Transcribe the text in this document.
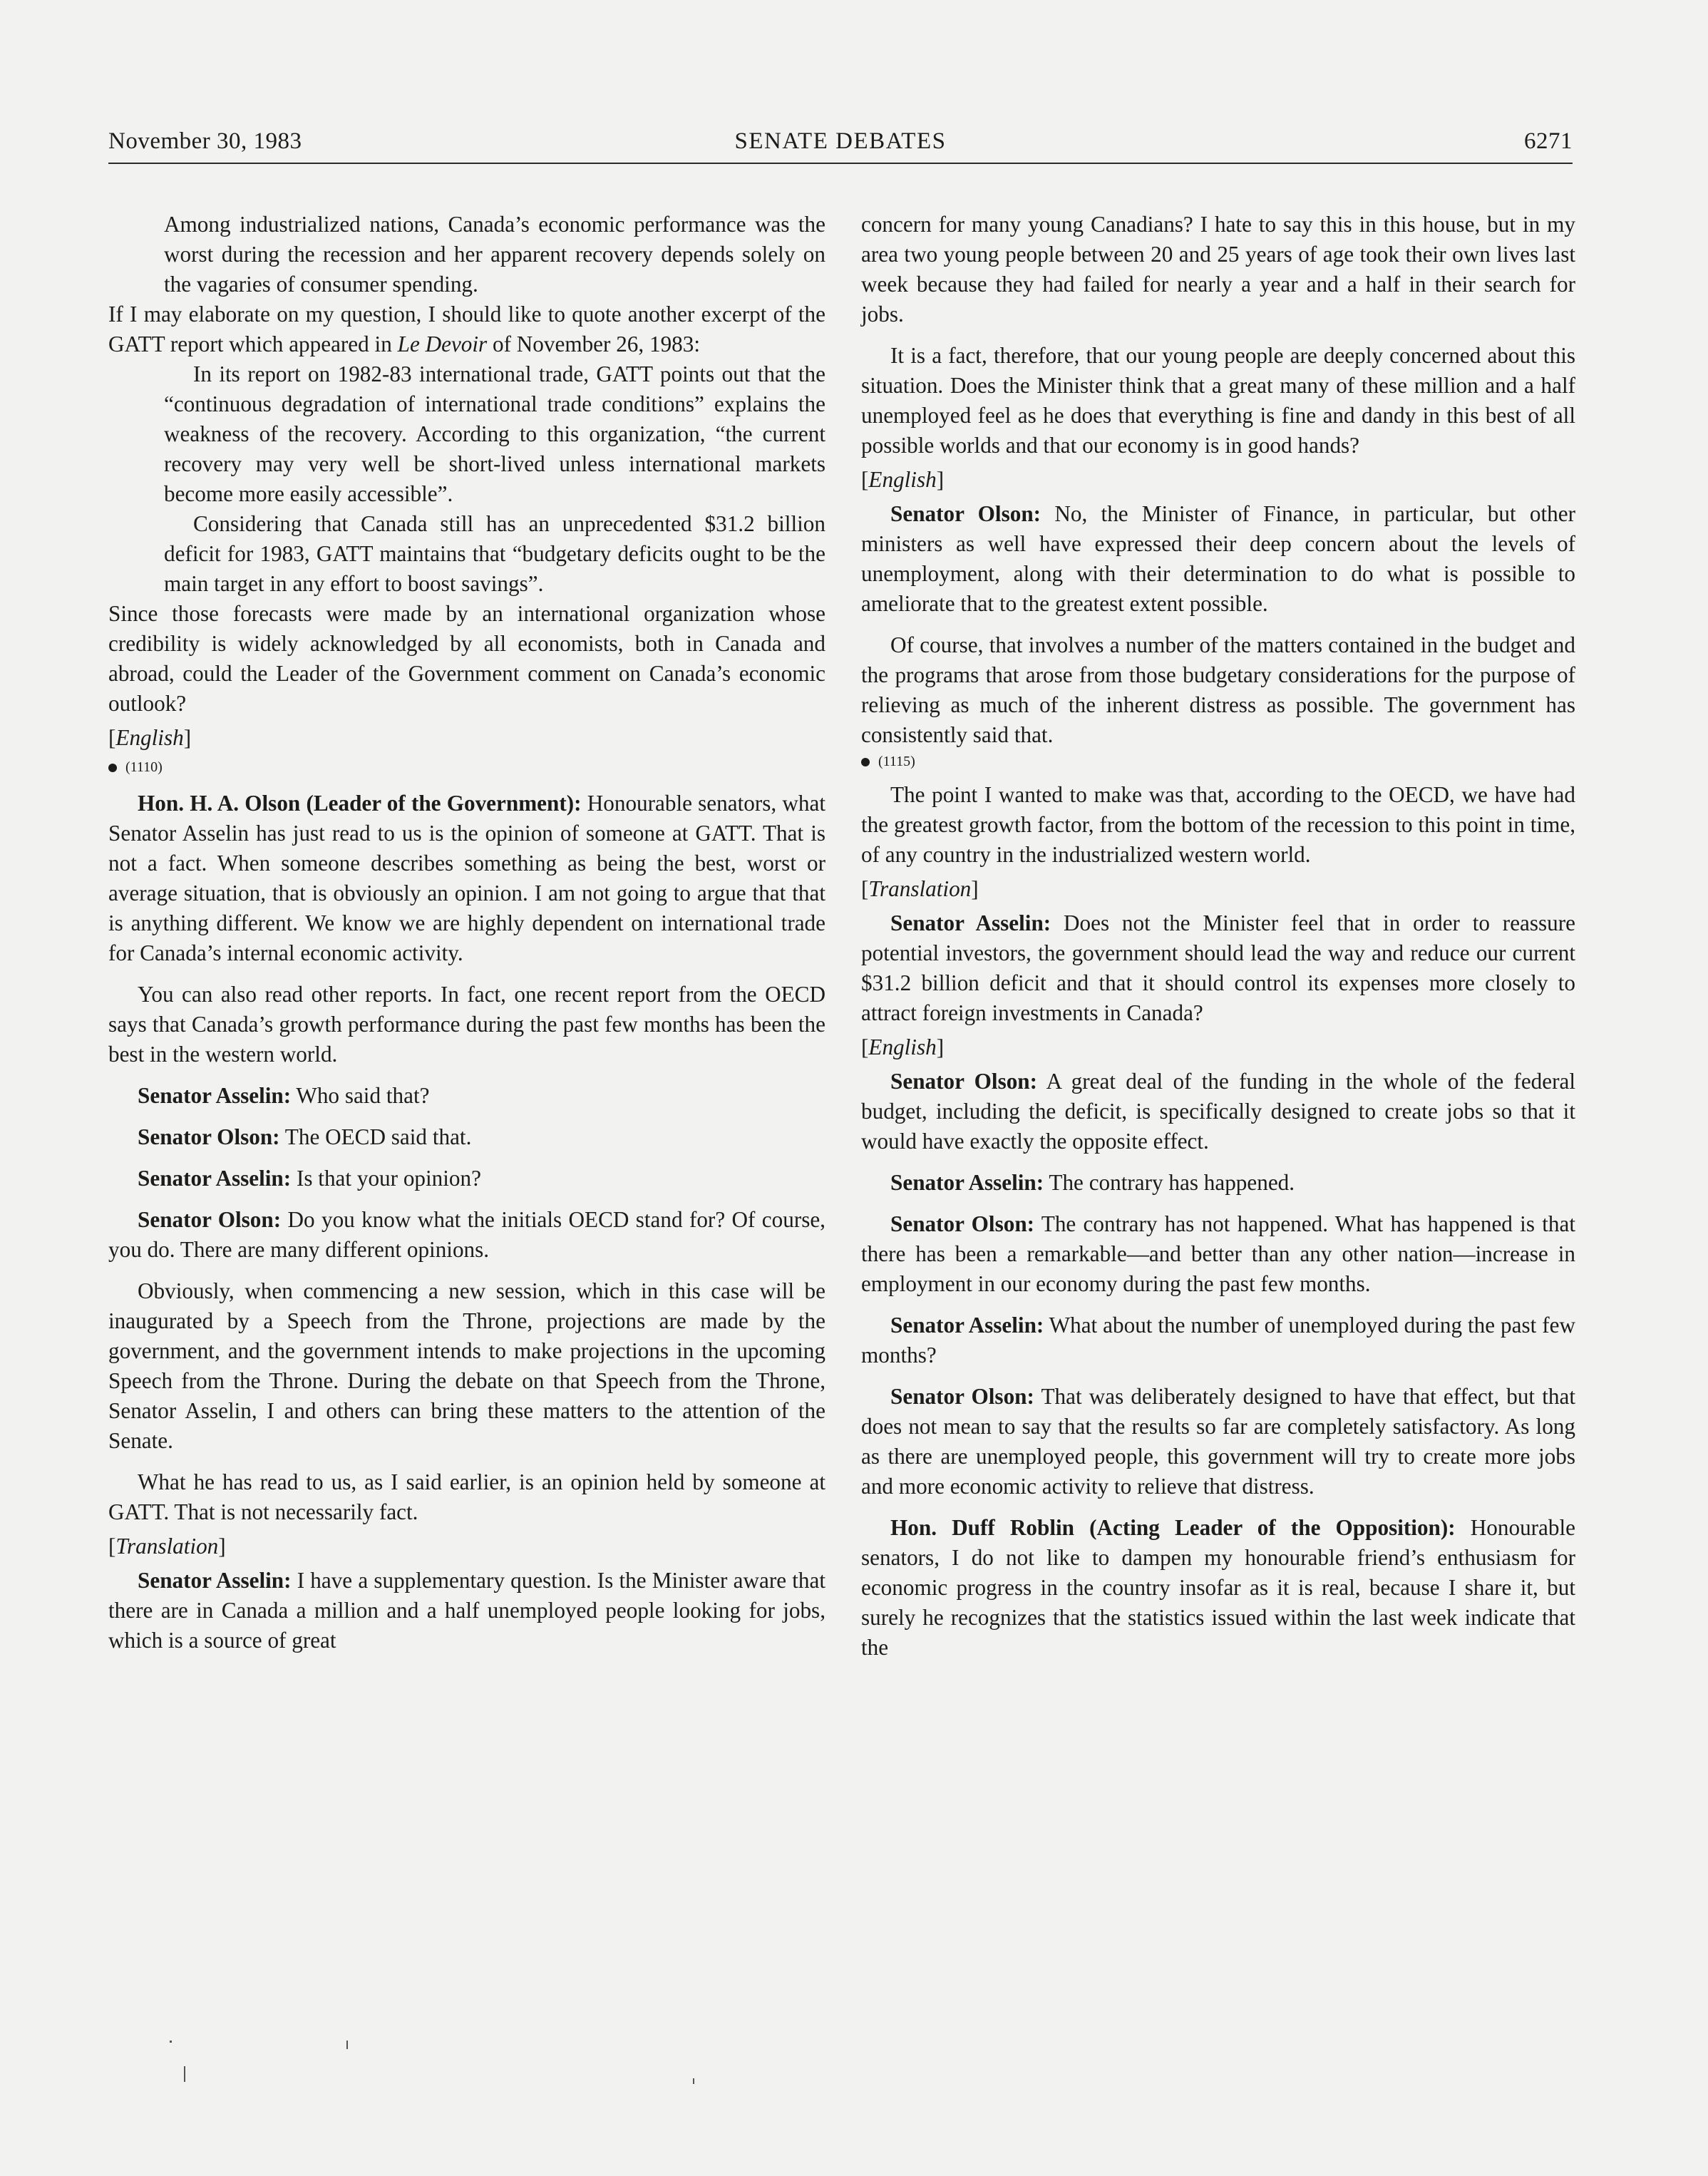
November 30, 1983	SENATE DEBATES	6271

Among industrialized nations, Canada’s economic performance was the worst during the recession and her apparent recovery depends solely on the vagaries of consumer spending.

If I may elaborate on my question, I should like to quote another excerpt of the GATT report which appeared in Le Devoir of November 26, 1983:

In its report on 1982-83 international trade, GATT points out that the “continuous degradation of international trade conditions” explains the weakness of the recovery. According to this organization, “the current recovery may very well be short-lived unless international markets become more easily accessible”.

Considering that Canada still has an unprecedented $31.2 billion deficit for 1983, GATT maintains that “budgetary deficits ought to be the main target in any effort to boost savings”.

Since those forecasts were made by an international organization whose credibility is widely acknowledged by all economists, both in Canada and abroad, could the Leader of the Government comment on Canada’s economic outlook?

[English]

(1110)

Hon. H. A. Olson (Leader of the Government): Honourable senators, what Senator Asselin has just read to us is the opinion of someone at GATT. That is not a fact. When someone describes something as being the best, worst or average situation, that is obviously an opinion. I am not going to argue that that is anything different. We know we are highly dependent on international trade for Canada’s internal economic activity.

You can also read other reports. In fact, one recent report from the OECD says that Canada’s growth performance during the past few months has been the best in the western world.

Senator Asselin: Who said that?

Senator Olson: The OECD said that.

Senator Asselin: Is that your opinion?

Senator Olson: Do you know what the initials OECD stand for? Of course, you do. There are many different opinions.

Obviously, when commencing a new session, which in this case will be inaugurated by a Speech from the Throne, projections are made by the government, and the government intends to make projections in the upcoming Speech from the Throne. During the debate on that Speech from the Throne, Senator Asselin, I and others can bring these matters to the attention of the Senate.

What he has read to us, as I said earlier, is an opinion held by someone at GATT. That is not necessarily fact.

[Translation]

Senator Asselin: I have a supplementary question. Is the Minister aware that there are in Canada a million and a half unemployed people looking for jobs, which is a source of great

concern for many young Canadians? I hate to say this in this house, but in my area two young people between 20 and 25 years of age took their own lives last week because they had failed for nearly a year and a half in their search for jobs.

It is a fact, therefore, that our young people are deeply concerned about this situation. Does the Minister think that a great many of these million and a half unemployed feel as he does that everything is fine and dandy in this best of all possible worlds and that our economy is in good hands?

[English]

Senator Olson: No, the Minister of Finance, in particular, but other ministers as well have expressed their deep concern about the levels of unemployment, along with their determination to do what is possible to ameliorate that to the greatest extent possible.

Of course, that involves a number of the matters contained in the budget and the programs that arose from those budgetary considerations for the purpose of relieving as much of the inherent distress as possible. The government has consistently said that.

(1115)

The point I wanted to make was that, according to the OECD, we have had the greatest growth factor, from the bottom of the recession to this point in time, of any country in the industrialized western world.

[Translation]

Senator Asselin: Does not the Minister feel that in order to reassure potential investors, the government should lead the way and reduce our current $31.2 billion deficit and that it should control its expenses more closely to attract foreign investments in Canada?

[English]

Senator Olson: A great deal of the funding in the whole of the federal budget, including the deficit, is specifically designed to create jobs so that it would have exactly the opposite effect.

Senator Asselin: The contrary has happened.

Senator Olson: The contrary has not happened. What has happened is that there has been a remarkable—and better than any other nation—increase in employment in our economy during the past few months.

Senator Asselin: What about the number of unemployed during the past few months?

Senator Olson: That was deliberately designed to have that effect, but that does not mean to say that the results so far are completely satisfactory. As long as there are unemployed people, this government will try to create more jobs and more economic activity to relieve that distress.

Hon. Duff Roblin (Acting Leader of the Opposition): Honourable senators, I do not like to dampen my honourable friend’s enthusiasm for economic progress in the country insofar as it is real, because I share it, but surely he recognizes that the statistics issued within the last week indicate that the
